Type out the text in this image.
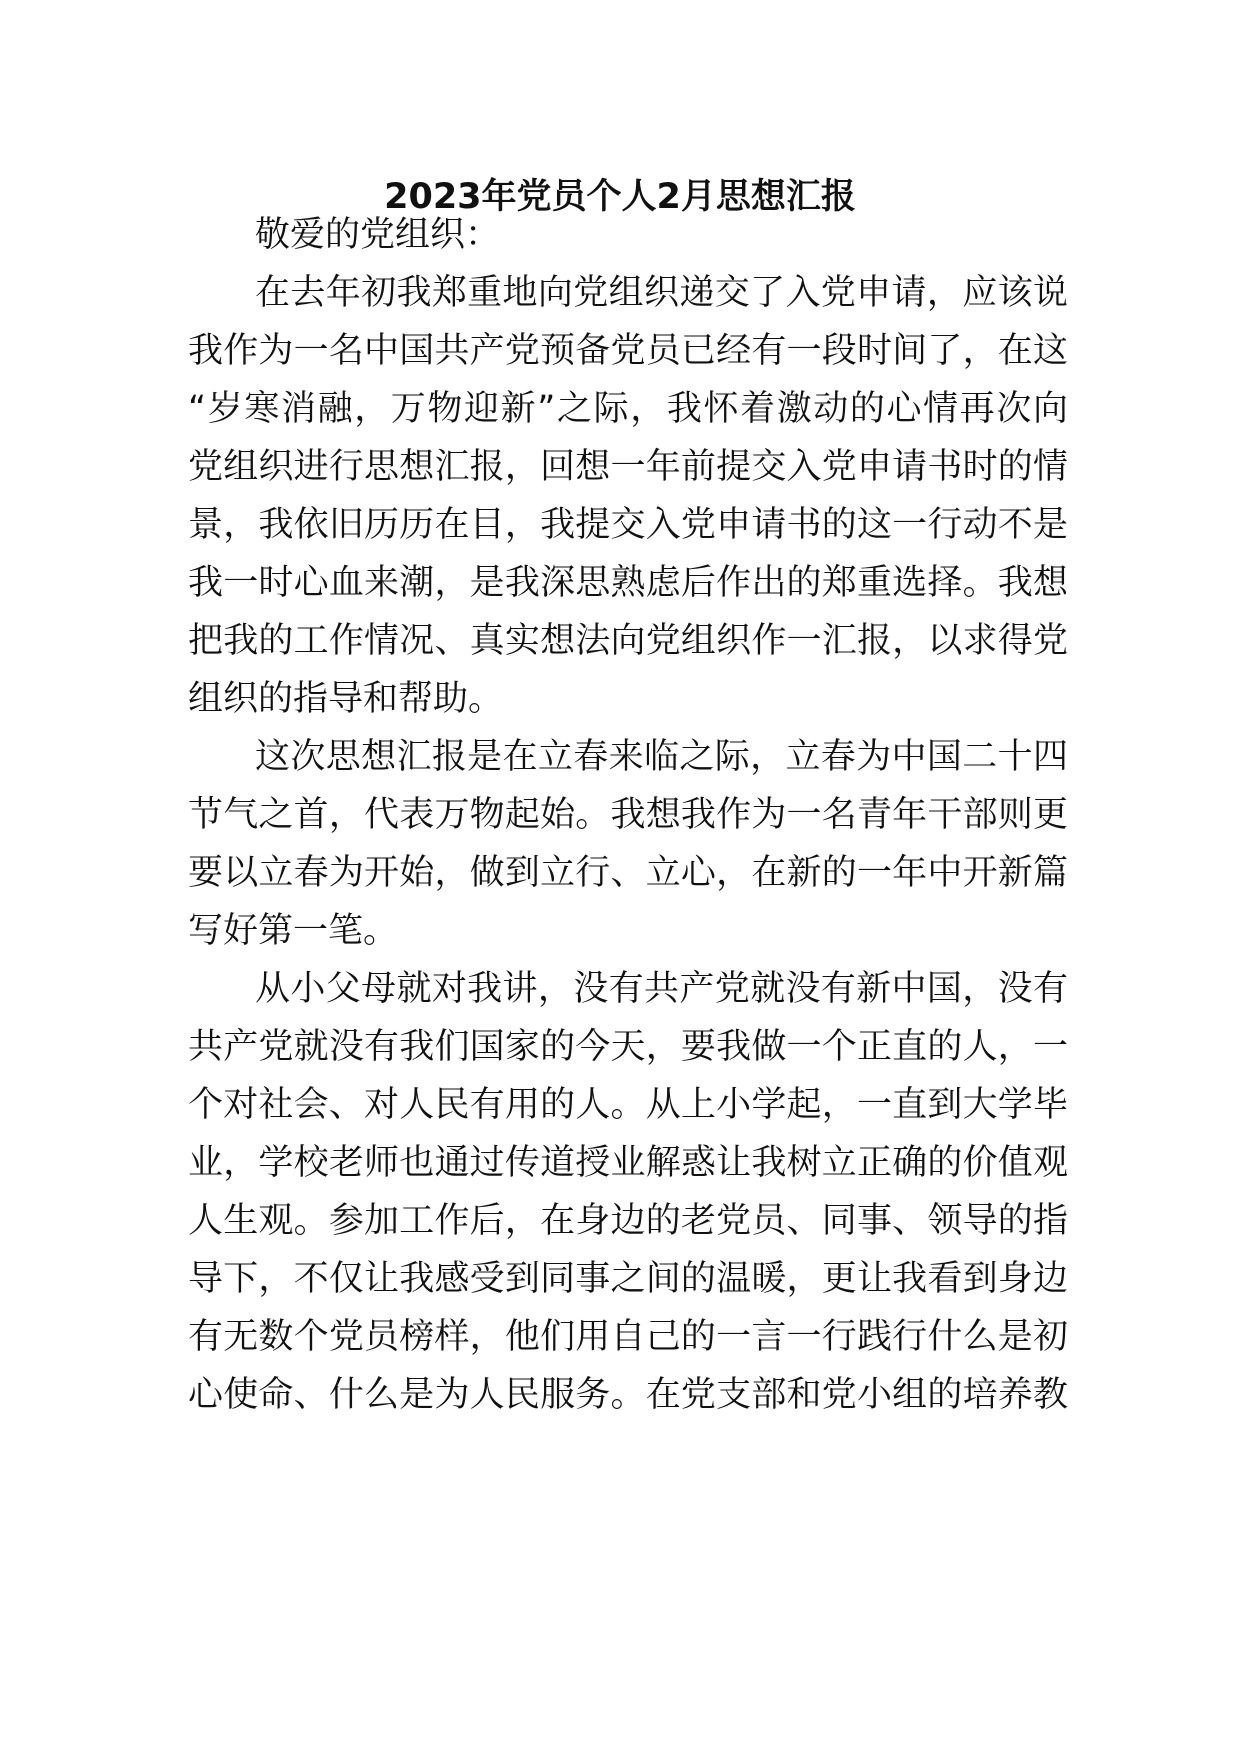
2023年党员个人2月思想汇报

敬爱的党组织：

在去年初我郑重地向党组织递交了入党申请，应该说

我作为一名中国共产党预备党员已经有一段时间了，在这

“岁寒消融，万物迎新”之际，我怀着激动的心情再次向

党组织进行思想汇报，回想一年前提交入党申请书时的情

景，我依旧历历在目，我提交入党申请书的这一行动不是

我一时心血来潮，是我深思熟虑后作出的郑重选择。我想

把我的工作情况、真实想法向党组织作一汇报，以求得党

组织的指导和帮助。

这次思想汇报是在立春来临之际，立春为中国二十四

节气之首，代表万物起始。我想我作为一名青年干部则更

要以立春为开始，做到立行、立心，在新的一年中开新篇

写好第一笔。

从小父母就对我讲，没有共产党就没有新中国，没有

共产党就没有我们国家的今天，要我做一个正直的人，一

个对社会、对人民有用的人。从上小学起，一直到大学毕

业，学校老师也通过传道授业解惑让我树立正确的价值观

人生观。参加工作后，在身边的老党员、同事、领导的指

导下，不仅让我感受到同事之间的温暖，更让我看到身边

有无数个党员榜样，他们用自己的一言一行践行什么是初

心使命、什么是为人民服务。在党支部和党小组的培养教
